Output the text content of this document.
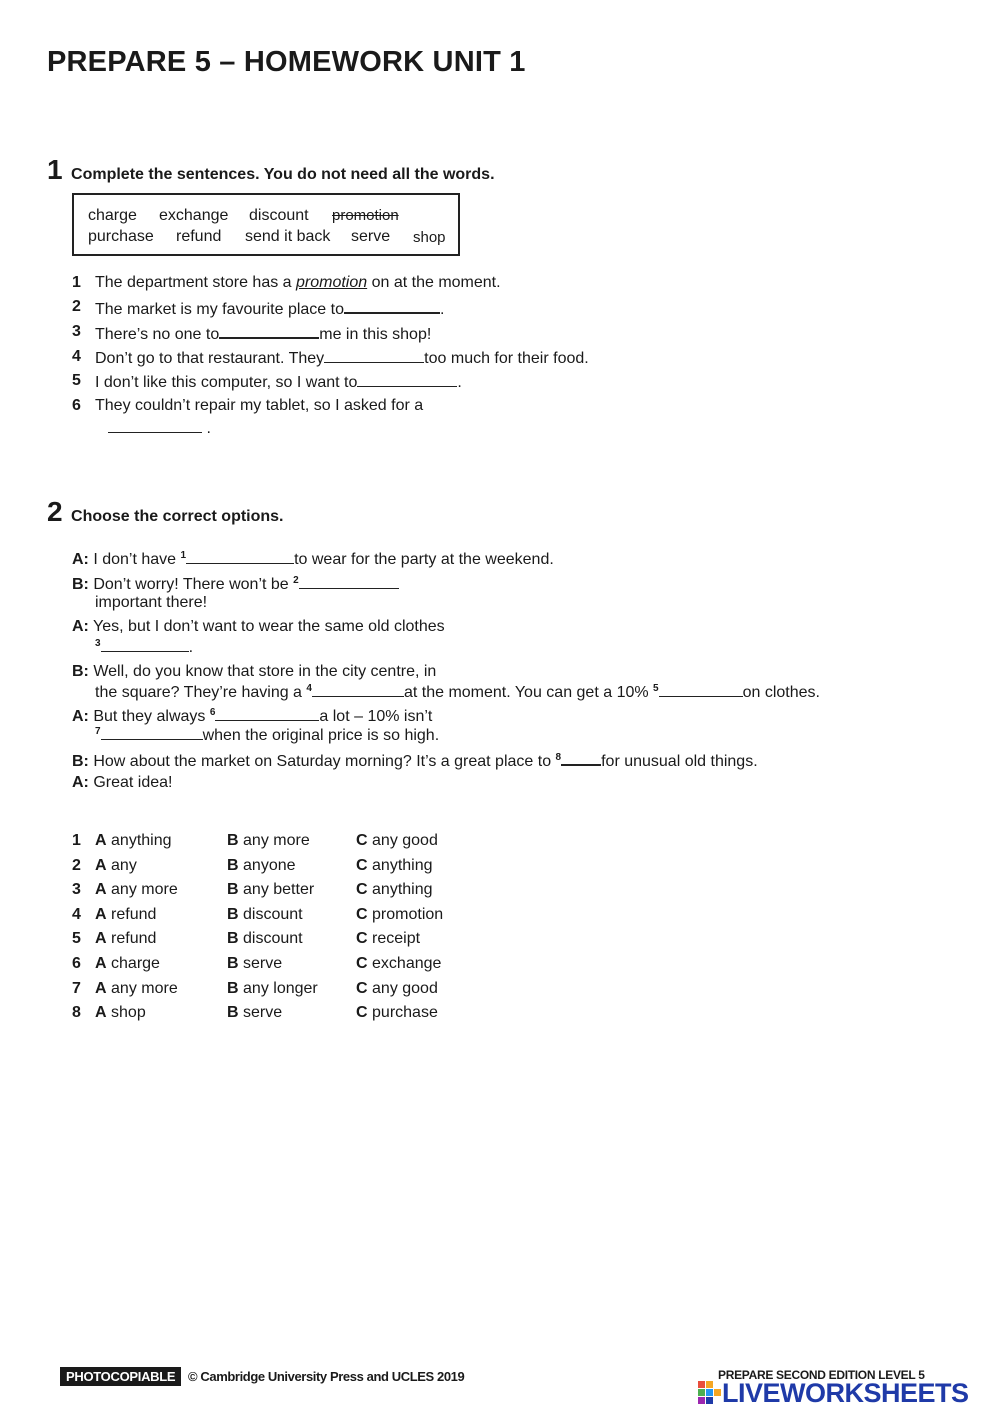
PREPARE 5 – HOMEWORK UNIT 1
1 Complete the sentences. You do not need all the words.
charge exchange discount promotion
purchase refund send it back serve shop
1 The department store has a promotion on at the moment.
2 The market is my favourite place to	.
3 There’s no one to	me in this shop!
4 Don’t go to that restaurant. They	too much for their food.
5 I don’t like this computer, so I want to	.
6 They couldn’t repair my tablet, so I asked for a
.
2 Choose the correct options.
A: I don’t have $^1$	to wear for the party at the weekend.
B: Don’t worry! There won’t be $^2$
important there!
A: Yes, but I don’t want to wear the same old clothes
$^3$	.
B: Well, do you know that store in the city centre, in
the square? They’re having a $^4$	at the moment. You can get a 10% $^5$	on clothes.
A: But they always $^6$	a lot – 10% isn’t
$^7$	when the original price is so high.
B: How about the market on Saturday morning? It’s a great place to $^8$	for unusual old things.
A: Great idea!
1 A anything	B any more	C any good
2 A any	B anyone	C anything
3 A any more	B any better	C anything
4 A refund	B discount	C promotion
5 A refund	B discount	C receipt
6 A charge	B serve	C exchange
7 A any more	B any longer C any good
8 A shop	B serve	C purchase
PHOTOCOPIABLE © Cambridge University Press and UCLES 2019	PREPARE SECOND EDITION LEVEL 5
LIVEWORKSHEETS
